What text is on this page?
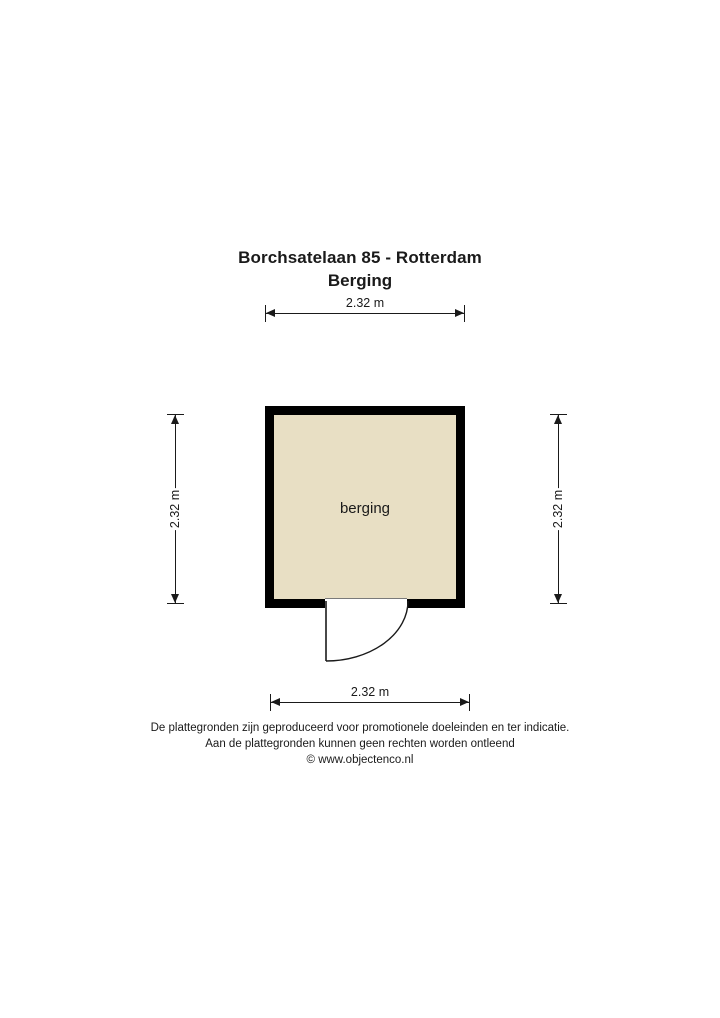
Borchsatelaan 85 - Rotterdam
Berging
2.32 m
2.32 m	2.32 m
berging
De plattegronden zijn geproduceerd voor promotionele doeleinden en ter indicatie.
Aan de plattegronden kunnen geen rechten worden ontleend
© www.objectenco.nl
2.32 m
